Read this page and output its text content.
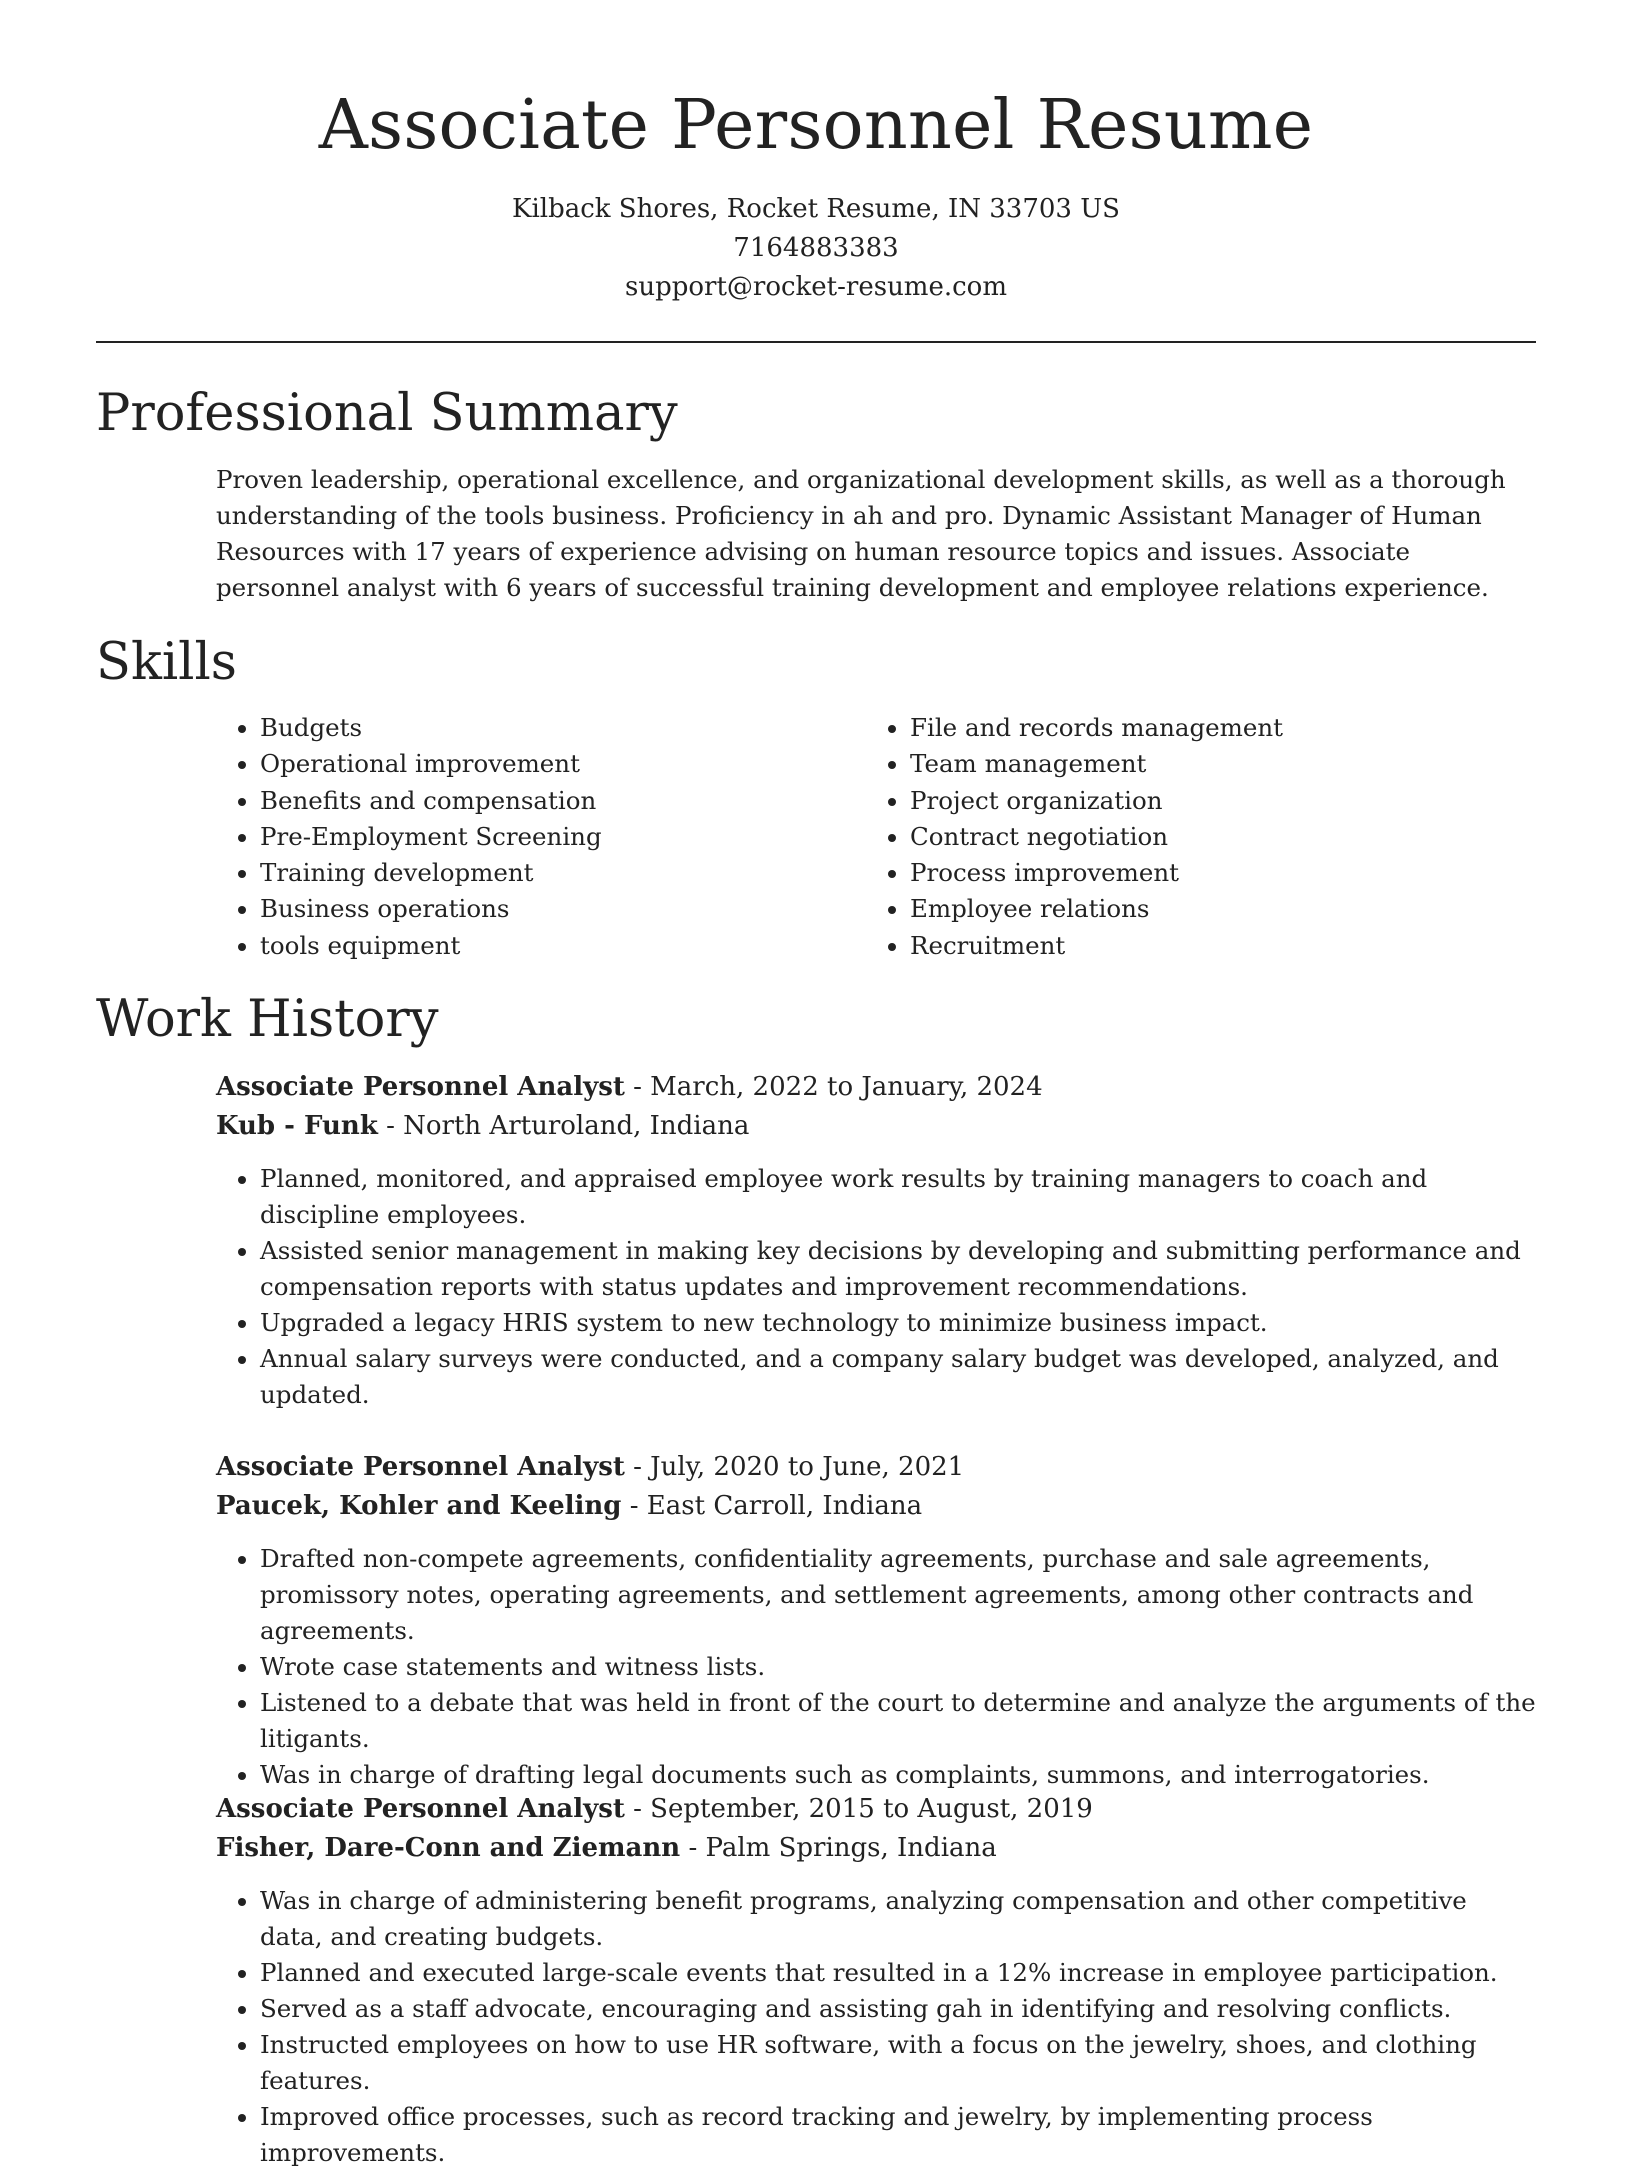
Associate Personnel Resume
Kilback Shores, Rocket Resume, IN 33703 US
7164883383
support@rocket-resume.com
Professional Summary

Proven leadership, operational excellence, and organizational development skills, as well as a thorough understanding of the tools business. Proficiency in ah and pro. Dynamic Assistant Manager of Human Resources with 17 years of experience advising on human resource topics and issues. Associate personnel analyst with 6 years of successful training development and employee relations experience.

Skills
• Budgets
• Operational improvement
• Benefits and compensation
• Pre-Employment Screening
• Training development
• Business operations
• tools equipment
• File and records management
• Team management
• Project organization
• Contract negotiation
• Process improvement
• Employee relations
• Recruitment
Work History
Associate Personnel Analyst - March, 2022 to January, 2024
Kub - Funk - North Arturoland, Indiana
• Planned, monitored, and appraised employee work results by training managers to coach and discipline employees.
• Assisted senior management in making key decisions by developing and submitting performance and compensation reports with status updates and improvement recommendations.
• Upgraded a legacy HRIS system to new technology to minimize business impact.
• Annual salary surveys were conducted, and a company salary budget was developed, analyzed, and updated.
Associate Personnel Analyst - July, 2020 to June, 2021
Paucek, Kohler and Keeling - East Carroll, Indiana
• Drafted non-compete agreements, confidentiality agreements, purchase and sale agreements, promissory notes, operating agreements, and settlement agreements, among other contracts and agreements.
• Wrote case statements and witness lists.
• Listened to a debate that was held in front of the court to determine and analyze the arguments of the litigants.
• Was in charge of drafting legal documents such as complaints, summons, and interrogatories.
Associate Personnel Analyst - September, 2015 to August, 2019
Fisher, Dare-Conn and Ziemann - Palm Springs, Indiana
• Was in charge of administering benefit programs, analyzing compensation and other competitive data, and creating budgets.
• Planned and executed large-scale events that resulted in a 12% increase in employee participation.
• Served as a staff advocate, encouraging and assisting gah in identifying and resolving conflicts.
• Instructed employees on how to use HR software, with a focus on the jewelry, shoes, and clothing features.
• Improved office processes, such as record tracking and jewelry, by implementing process improvements.
